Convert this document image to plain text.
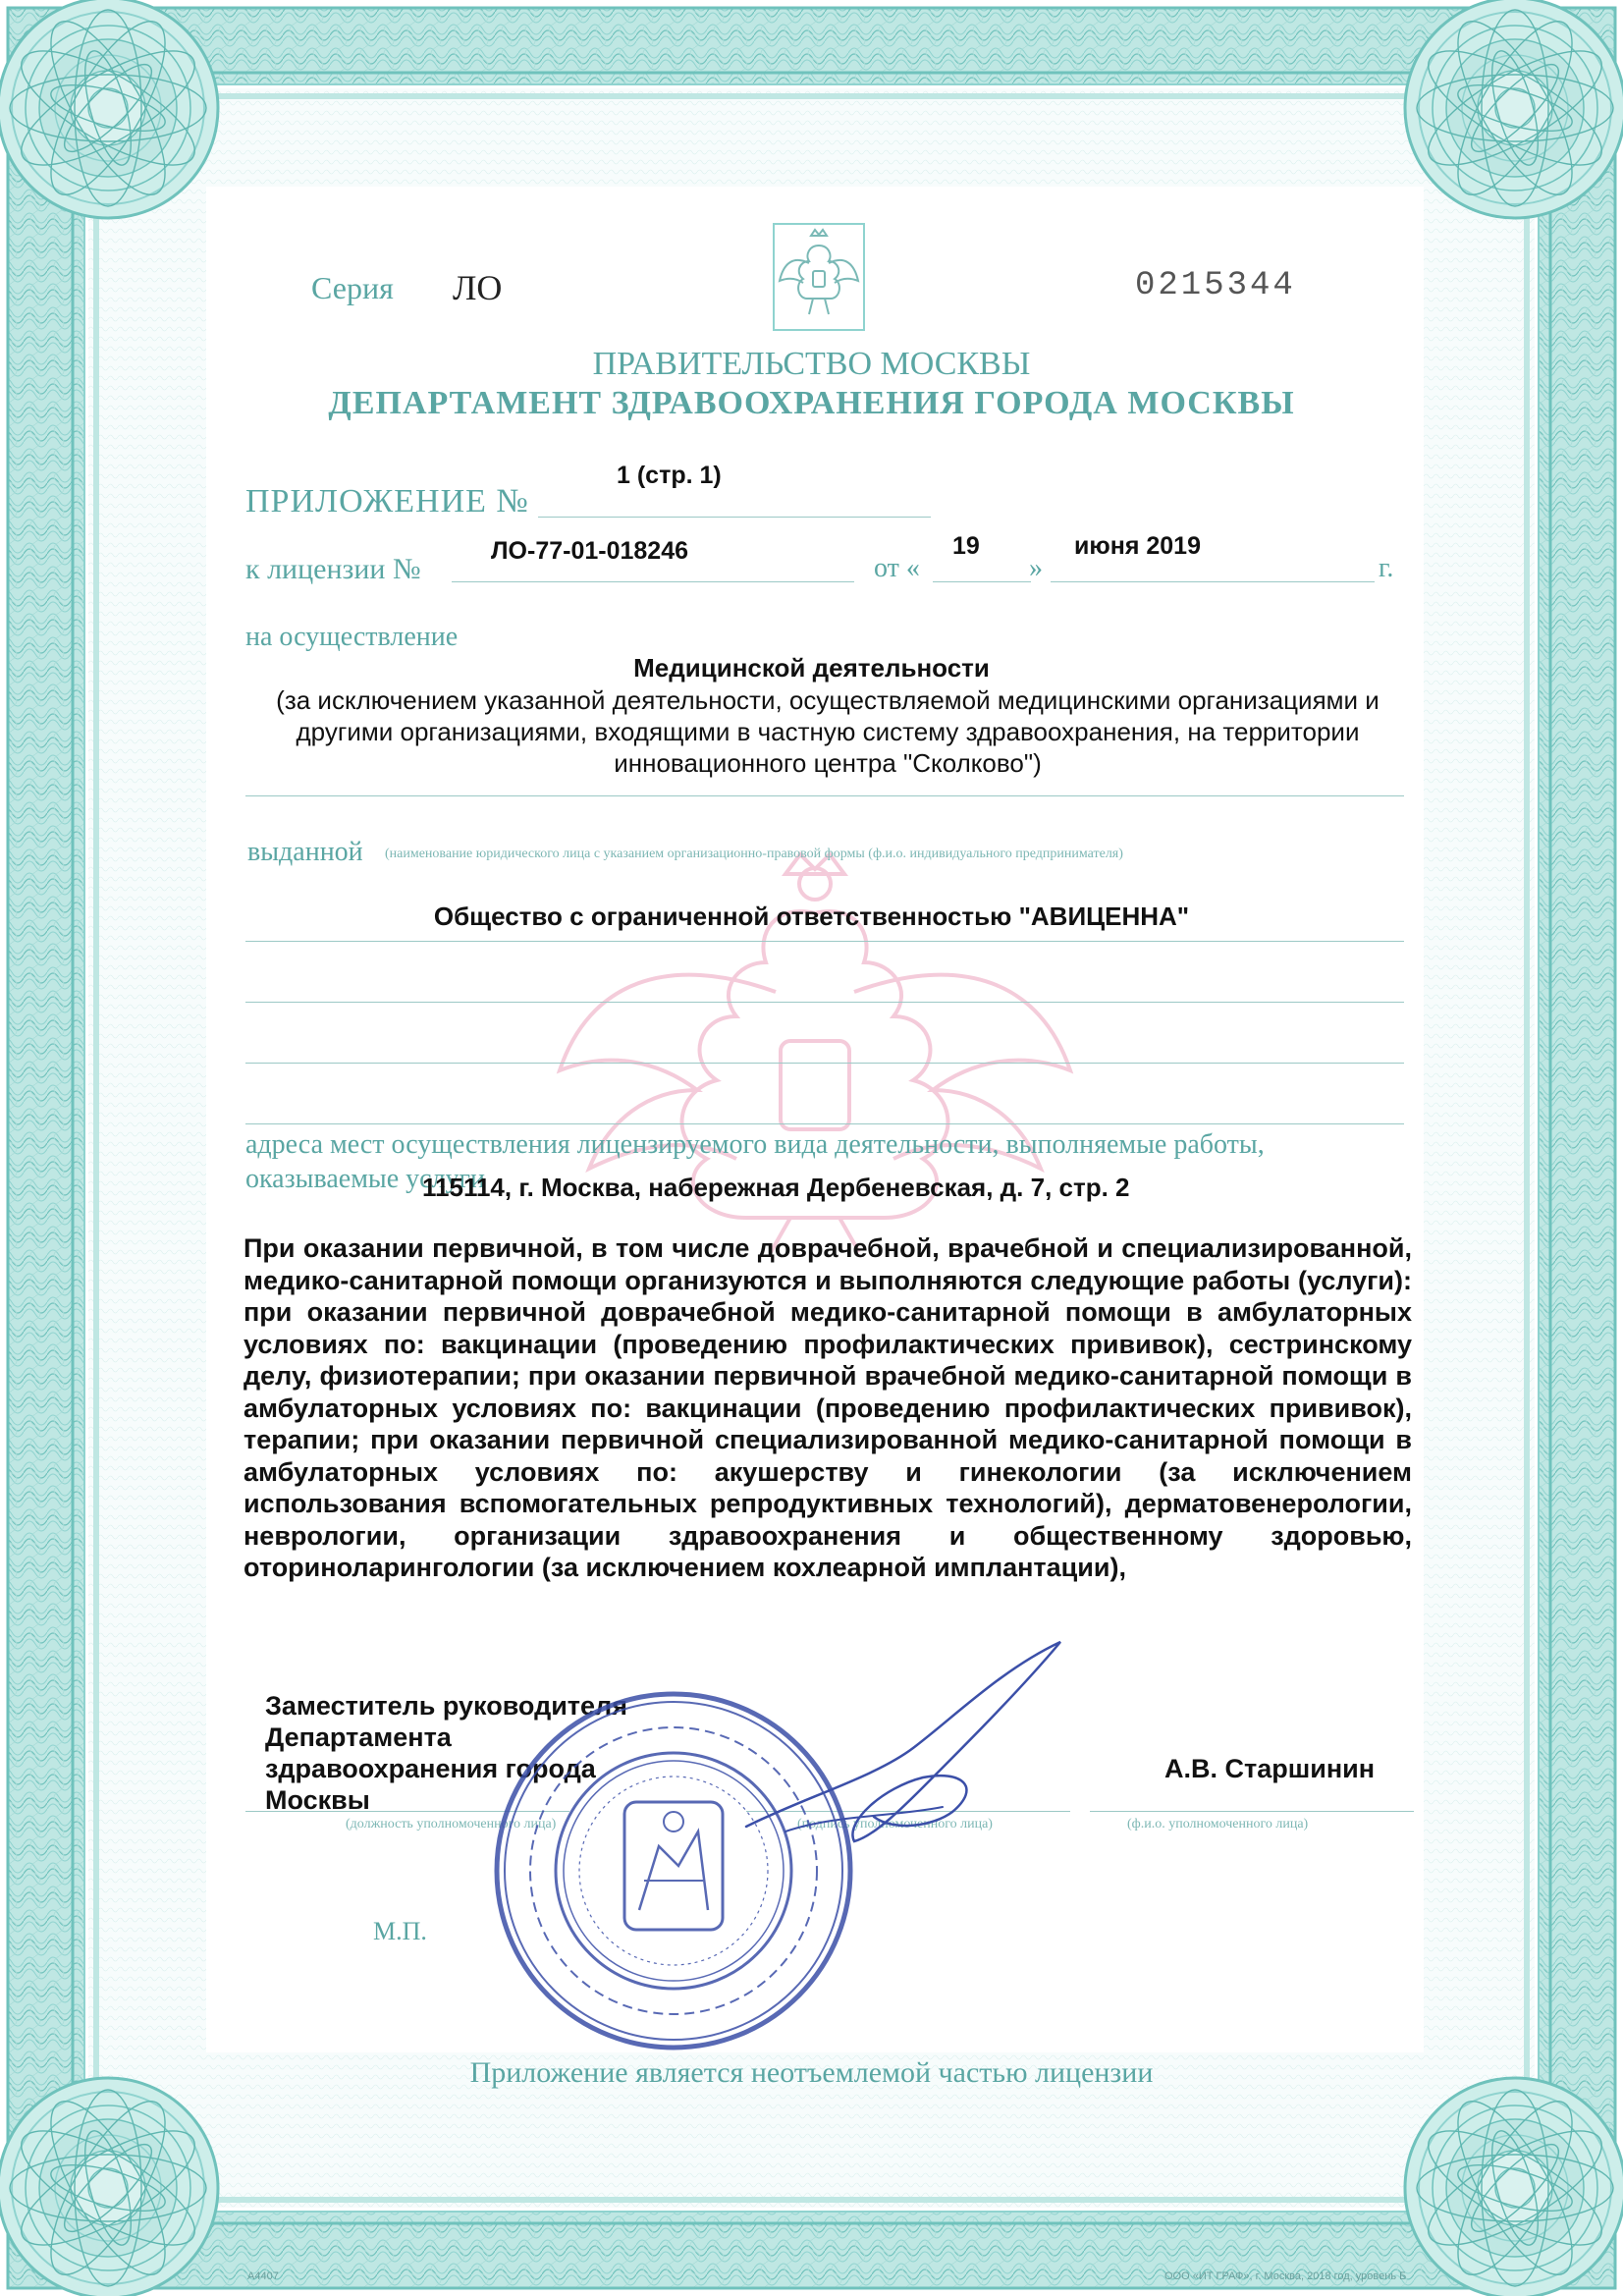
Серия ЛО	0215344
ПРАВИТЕЛЬСТВО МОСКВЫ
ДЕПАРТАМЕНТ ЗДРАВООХРАНЕНИЯ ГОРОДА МОСКВЫ
ПРИЛОЖЕНИЕ №
1 (стр. 1)
к лицензии №
ЛО-77-01-018246
от «
19
»
июня 2019
г.
на осуществление
Медицинской деятельности
(за исключением указанной деятельности, осуществляемой медицинскими организациями и другими организациями, входящими в частную систему здравоохранения, на территории инновационного центра "Сколково")
выданной (наименование юридического лица с указанием организационно-правовой формы (ф.и.о. индивидуального предпринимателя)
Общество с ограниченной ответственностью "АВИЦЕННА"
адреса мест осуществления лицензируемого вида деятельности, выполняемые работы,
оказываемые услуги
115114, г. Москва, набережная Дербеневская, д. 7, стр. 2
При оказании первичной, в том числе доврачебной, врачебной и специализированной, медико-санитарной помощи организуются и выполняются следующие работы (услуги): при оказании первичной доврачебной медико-санитарной помощи в амбулаторных условиях по: вакцинации (проведению профилактических прививок), сестринскому делу, физиотерапии; при оказании первичной врачебной медико-санитарной помощи в амбулаторных условиях по: вакцинации (проведению профилактических прививок), терапии; при оказании первичной специализированной медико-санитарной помощи в амбулаторных условиях по: акушерству и гинекологии (за исключением использования вспомогательных репродуктивных технологий), дерматовенерологии, неврологии, организации здравоохранения и общественному здоровью, оториноларингологии (за исключением кохлеарной имплантации),
Заместитель руководителя
Департамента
здравоохранения города
Москвы
А.В. Старшинин
(должность уполномоченного лица)	(подпись уполномоченного лица)	(ф.и.о. уполномоченного лица)
М.П.
Приложение является неотъемлемой частью лицензии
А4407	ООО «ИТ ГРАФ», г. Москва, 2018 год, уровень Б
